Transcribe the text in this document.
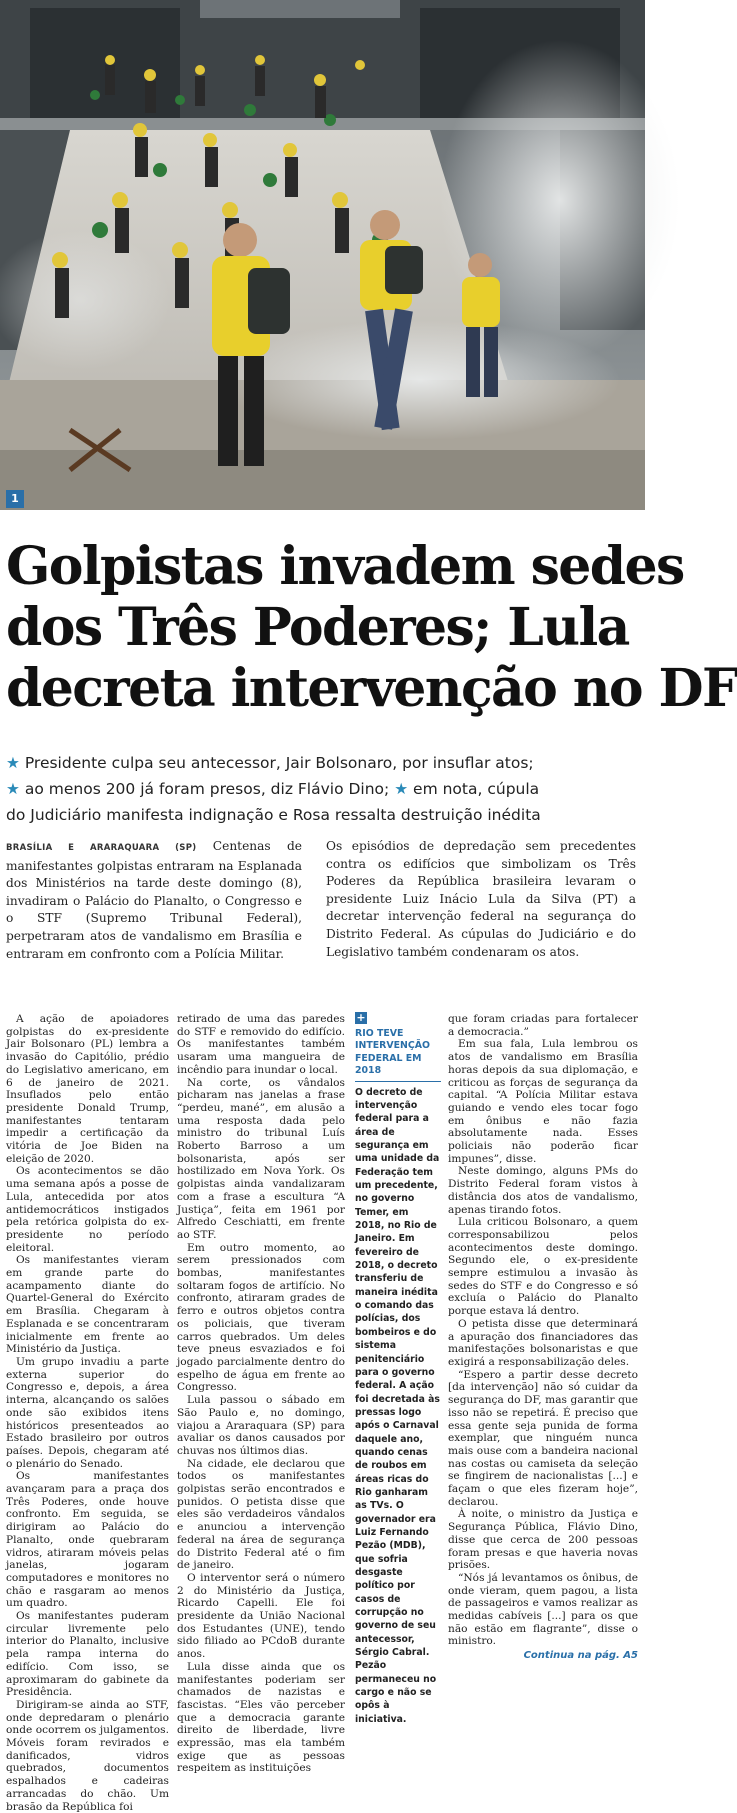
1
Golpistas invadem sedes
dos Três Poderes; Lula
decreta intervenção no DF
★ Presidente culpa seu antecessor, Jair Bolsonaro, por insuflar atos;
★ ao menos 200 já foram presos, diz Flávio Dino; ★ em nota, cúpula
do Judiciário manifesta indignação e Rosa ressalta destruição inédita

BRASÍLIA E ARARAQUARA (SP) Centenas de manifestantes golpistas entraram na Esplanada dos Ministérios na tarde deste domingo (8), invadiram o Palácio do Planalto, o Congresso e o STF (Supremo Tribunal Federal), perpetraram atos de vandalismo em Brasília e entraram em confronto com a Polícia Militar.

Os episódios de depredação sem precedentes contra os edifícios que simbolizam os Três Poderes da República brasileira levaram o presidente Luiz Inácio Lula da Silva (PT) a decretar intervenção federal na segurança do Distrito Federal. As cúpulas do Judiciário e do Legislativo também condenaram os atos.

A ação de apoiadores golpistas do ex-presidente Jair Bolsonaro (PL) lembra a invasão do Capitólio, prédio do Legislativo americano, em 6 de janeiro de 2021. Insuflados pelo então presidente Donald Trump, manifestantes tentaram impedir a certificação da vitória de Joe Biden na eleição de 2020.

Os acontecimentos se dão uma semana após a posse de Lula, antecedida por atos antidemocráticos instigados pela retórica golpista do ex-presidente no período eleitoral.

Os manifestantes vieram em grande parte do acampamento diante do Quartel-General do Exército em Brasília. Chegaram à Esplanada e se concentraram inicialmente em frente ao Ministério da Justiça.

Um grupo invadiu a parte externa superior do Congresso e, depois, a área interna, alcançando os salões onde são exibidos itens históricos presenteados ao Estado brasileiro por outros países. Depois, chegaram até o plenário do Senado.

Os manifestantes avançaram para a praça dos Três Poderes, onde houve confronto. Em seguida, se dirigiram ao Palácio do Planalto, onde quebraram vidros, atiraram móveis pelas janelas, jogaram computadores e monitores no chão e rasgaram ao menos um quadro.

Os manifestantes puderam circular livremente pelo interior do Planalto, inclusive pela rampa interna do edifício. Com isso, se aproximaram do gabinete da Presidência.

Dirigiram-se ainda ao STF, onde depredaram o plenário onde ocorrem os julgamentos. Móveis foram revirados e danificados, vidros quebrados, documentos espalhados e cadeiras arrancadas do chão. Um brasão da República foi

retirado de uma das paredes do STF e removido do edifício. Os manifestantes também usaram uma mangueira de incêndio para inundar o local.

Na corte, os vândalos picharam nas janelas a frase “perdeu, mané”, em alusão a uma resposta dada pelo ministro do tribunal Luís Roberto Barroso a um bolsonarista, após ser hostilizado em Nova York. Os golpistas ainda vandalizaram com a frase a escultura “A Justiça”, feita em 1961 por Alfredo Ceschiatti, em frente ao STF.

Em outro momento, ao serem pressionados com bombas, manifestantes soltaram fogos de artifício. No confronto, atiraram grades de ferro e outros objetos contra os policiais, que tiveram carros quebrados. Um deles teve pneus esvaziados e foi jogado parcialmente dentro do espelho de água em frente ao Congresso.

Lula passou o sábado em São Paulo e, no domingo, viajou a Araraquara (SP) para avaliar os danos causados por chuvas nos últimos dias.

Na cidade, ele declarou que todos os manifestantes golpistas serão encontrados e punidos. O petista disse que eles são verdadeiros vândalos e anunciou a intervenção federal na área de segurança do Distrito Federal até o fim de janeiro.

O interventor será o número 2 do Ministério da Justiça, Ricardo Capelli. Ele foi presidente da União Nacional dos Estudantes (UNE), tendo sido filiado ao PCdoB durante anos.

Lula disse ainda que os manifestantes poderiam ser chamados de nazistas e fascistas. “Eles vão perceber que a democracia garante direito de liberdade, livre expressão, mas ela também exige que as pessoas respeitem as instituições

+
RIO TEVE INTERVENÇÃO FEDERAL EM 2018
O decreto de intervenção federal para a área de segurança em uma unidade da Federação tem um precedente, no governo Temer, em 2018, no Rio de Janeiro. Em fevereiro de 2018, o decreto transferiu de maneira inédita o comando das polícias, dos bombeiros e do sistema penitenciário para o governo federal. A ação foi decretada às pressas logo após o Carnaval daquele ano, quando cenas de roubos em áreas ricas do Rio ganharam as TVs. O governador era Luiz Fernando Pezão (MDB), que sofria desgaste político por casos de corrupção no governo de seu antecessor, Sérgio Cabral. Pezão permaneceu no cargo e não se opôs à iniciativa.

que foram criadas para fortalecer a democracia.”

Em sua fala, Lula lembrou os atos de vandalismo em Brasília horas depois da sua diplomação, e criticou as forças de segurança da capital. “A Polícia Militar estava guiando e vendo eles tocar fogo em ônibus e não fazia absolutamente nada. Esses policiais não poderão ficar impunes”, disse.

Neste domingo, alguns PMs do Distrito Federal foram vistos à distância dos atos de vandalismo, apenas tirando fotos.

Lula criticou Bolsonaro, a quem corresponsabilizou pelos acontecimentos deste domingo. Segundo ele, o ex-presidente sempre estimulou a invasão às sedes do STF e do Congresso e só excluía o Palácio do Planalto porque estava lá dentro.

O petista disse que determinará a apuração dos financiadores das manifestações bolsonaristas e que exigirá a responsabilização deles.

“Espero a partir desse decreto [da intervenção] não só cuidar da segurança do DF, mas garantir que isso não se repetirá. É preciso que essa gente seja punida de forma exemplar, que ninguém nunca mais ouse com a bandeira nacional nas costas ou camiseta da seleção se fingirem de nacionalistas [...] e façam o que eles fizeram hoje”, declarou.

À noite, o ministro da Justiça e Segurança Pública, Flávio Dino, disse que cerca de 200 pessoas foram presas e que haveria novas prisões.

“Nós já levantamos os ônibus, de onde vieram, quem pagou, a lista de passageiros e vamos realizar as medidas cabíveis [...] para os que não estão em flagrante”, disse o ministro.

Continua na pág. A5
